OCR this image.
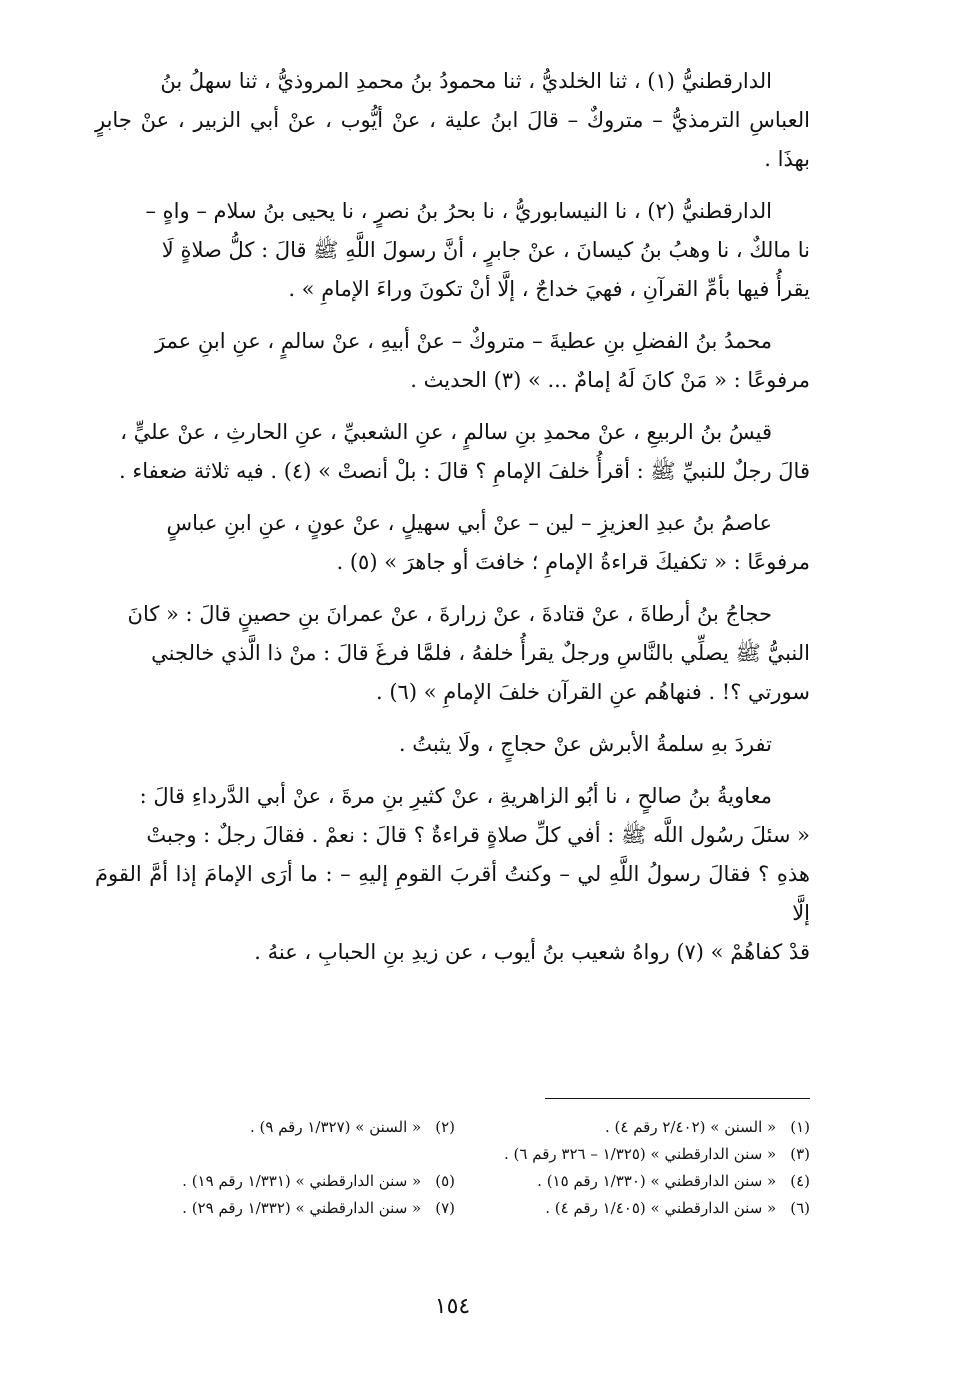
الدارقطنيُّ (١) ، ثنا الخلديُّ ، ثنا محمودُ بنُ محمدِ المروذيُّ ، ثنا سهلُ بنُ
العباسِ الترمذيُّ – متروكٌ – قالَ ابنُ علية ، عنْ أيُّوب ، عنْ أبي الزبير ، عنْ جابرٍ بهذَا .

الدارقطنيُّ (٢) ، نا النيسابوريُّ ، نا بحرُ بنُ نصرٍ ، نا يحيى بنُ سلام – واهٍ –
نا مالكٌ ، نا وهبُ بنُ كيسانَ ، عنْ جابرٍ ، أنَّ رسولَ اللَّهِ ﷺ قالَ : كلُّ صلاةٍ لَا
يقرأُ فيها بأمِّ القرآنِ ، فهيَ خداجٌ ، إلَّا أنْ تكونَ وراءَ الإمامِ » .

محمدُ بنُ الفضلِ بنِ عطيةَ – متروكٌ – عنْ أبيهِ ، عنْ سالمٍ ، عنِ ابنِ عمرَ
مرفوعًا : « مَنْ كانَ لَهُ إمامٌ ... » (٣) الحديث .

قيسُ بنُ الربيعِ ، عنْ محمدِ بنِ سالمٍ ، عنِ الشعبيِّ ، عنِ الحارثِ ، عنْ عليٍّ ،
قالَ رجلٌ للنبيِّ ﷺ : أقرأُ خلفَ الإمامِ ؟ قالَ : بلْ أنصتْ » (٤) . فيه ثلاثة ضعفاء .

عاصمُ بنُ عبدِ العزيزِ – لين – عنْ أبي سهيلٍ ، عنْ عونٍ ، عنِ ابنِ عباسٍ
مرفوعًا : « تكفيكَ قراءةُ الإمامِ ؛ خافتَ أو جاهرَ » (٥) .

حجاجُ بنُ أرطاةَ ، عنْ قتادةَ ، عنْ زرارةَ ، عنْ عمرانَ بنِ حصينٍ قالَ : « كانَ
النبيُّ ﷺ يصلِّي بالنَّاسِ ورجلٌ يقرأُ خلفهُ ، فلمَّا فرغَ قالَ : منْ ذا الَّذي خالجني
سورتي ؟! . فنهاهُم عنِ القرآن خلفَ الإمامِ » (٦) .

تفردَ بهِ سلمةُ الأبرش عنْ حجاجٍ ، ولَا يثبتُ .

معاويةُ بنُ صالحٍ ، نا أبُو الزاهريةِ ، عنْ كثيرِ بنِ مرةَ ، عنْ أبي الدَّرداءِ قالَ :
« سئلَ رسُول اللَّه ﷺ : أفي كلِّ صلاةٍ قراءةٌ ؟ قالَ : نعمْ . فقالَ رجلٌ : وجبتْ
هذهِ ؟ فقالَ رسولُ اللَّهِ لي – وكنتُ أقربَ القومِ إليهِ – : ما أرَى الإمامَ إذا أمَّ القومَ إلَّا
قدْ كفاهُمْ » (٧) رواهُ شعيب بنُ أيوب ، عن زيدِ بنِ الحبابِ ، عنهُ .

(١)« السنن » (٢/٤٠٢ رقم ٤) .
(٢)« السنن » (١/٣٢٧ رقم ٩) .
(٣)« سنن الدارقطني » (١/٣٢٥ – ٣٢٦ رقم ٦) .
(٤)« سنن الدارقطني » (١/٣٣٠ رقم ١٥) .
(٥)« سنن الدارقطني » (١/٣٣١ رقم ١٩) .
(٦)« سنن الدارقطني » (١/٤٠٥ رقم ٤) .
(٧)« سنن الدارقطني » (١/٣٣٢ رقم ٢٩) .
١٥٤
